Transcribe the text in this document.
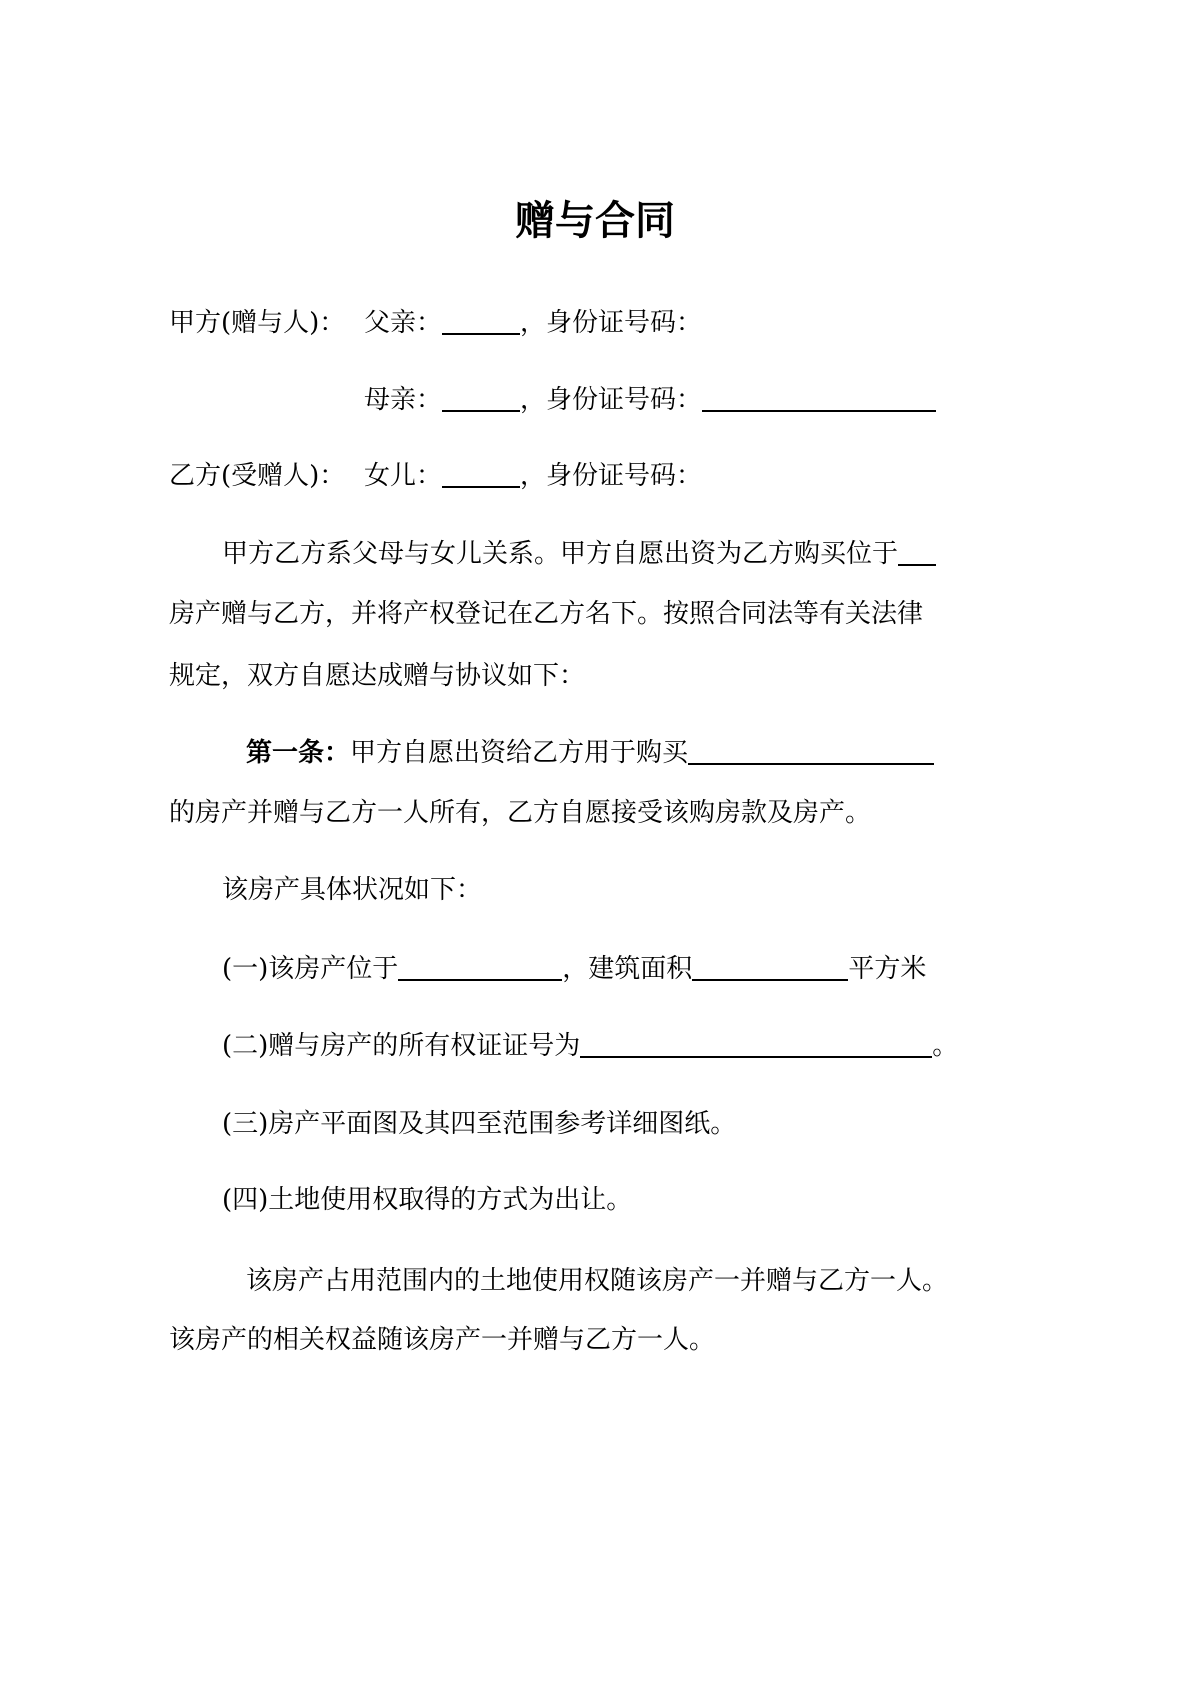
赠与合同
甲方(赠与人)： 父亲：	，身份证号码：
母亲：	，身份证号码：
乙方(受赠人)： 女儿：	，身份证号码：
甲方乙方系父母与女儿关系。甲方自愿出资为乙方购买位于
房产赠与乙方，并将产权登记在乙方名下。按照合同法等有关法律
规定，双方自愿达成赠与协议如下：
第一条：甲方自愿出资给乙方用于购买
的房产并赠与乙方一人所有，乙方自愿接受该购房款及房产。
该房产具体状况如下：
(一)该房产位于	，建筑面积	平方米
(二)赠与房产的所有权证证号为	。
(三)房产平面图及其四至范围参考详细图纸。
(四)土地使用权取得的方式为出让。
该房产占用范围内的土地使用权随该房产一并赠与乙方一人。
该房产的相关权益随该房产一并赠与乙方一人。
